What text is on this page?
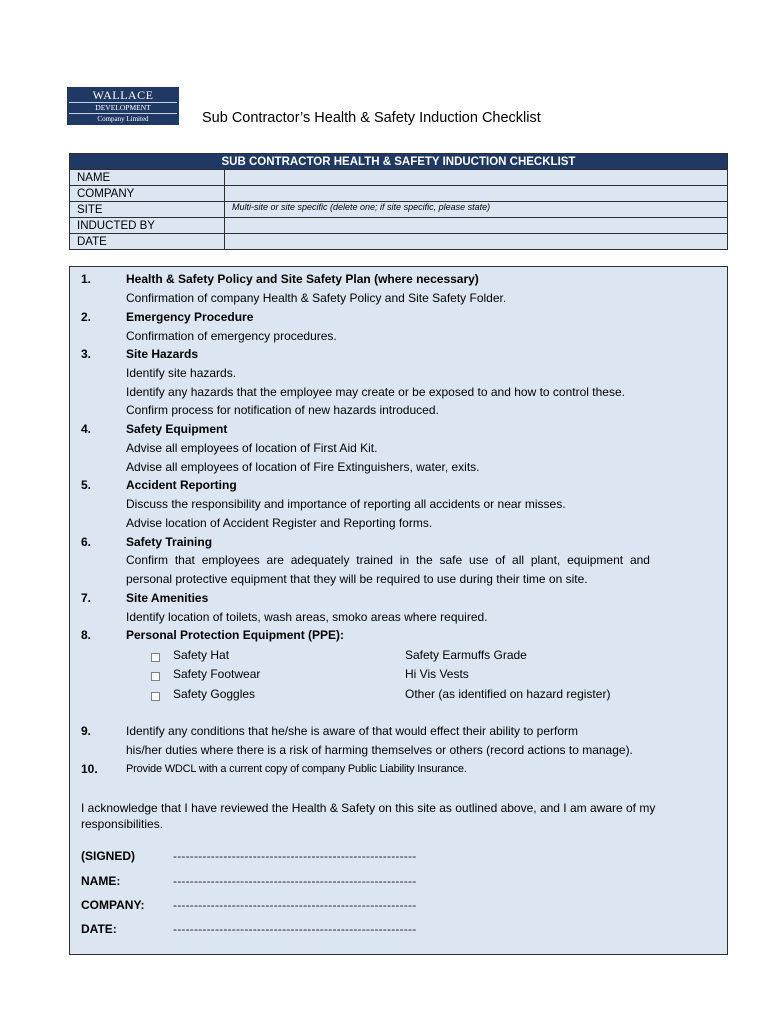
WALLACE
DEVELOPMENT
Company Limited	Sub Contractor’s Health & Safety Induction Checklist
SUB CONTRACTOR HEALTH & SAFETY INDUCTION CHECKLIST	
NAME	
COMPANY	
SITE	Multi-site or site specific (delete one; if site specific, please state)
INDUCTED BY	
DATE	
1.	Health & Safety Policy and Site Safety Plan (where necessary)
Confirmation of company Health & Safety Policy and Site Safety Folder.
2.	Emergency Procedure
Confirmation of emergency procedures.
3.	Site Hazards
Identify site hazards.
Identify any hazards that the employee may create or be exposed to and how to control these.
Confirm process for notification of new hazards introduced.
4.	Safety Equipment
Advise all employees of location of First Aid Kit.
Advise all employees of location of Fire Extinguishers, water, exits.
5.	Accident Reporting
Discuss the responsibility and importance of reporting all accidents or near misses.
Advise location of Accident Register and Reporting forms.
6.	Safety Training
Confirm that employees are adequately trained in the safe use of all plant, equipment and
personal protective equipment that they will be required to use during their time on site.
7.	Site Amenities
Identify location of toilets, wash areas, smoko areas where required.
8.	Personal Protection Equipment (PPE):
Safety Hat	Safety Earmuffs Grade
Safety Footwear	Hi Vis Vests
Safety Goggles	Other (as identified on hazard register)
9.	Identify any conditions that he/she is aware of that would effect their ability to perform
his/her duties where there is a risk of harming themselves or others (record actions to manage).
10.	Provide WDCL with a current copy of company Public Liability Insurance.
I acknowledge that I have reviewed the Health & Safety on this site as outlined above, and I am aware of my responsibilities.
(SIGNED)	----------------------------------------------------------
NAME:	----------------------------------------------------------
COMPANY: ----------------------------------------------------------
DATE:	----------------------------------------------------------
